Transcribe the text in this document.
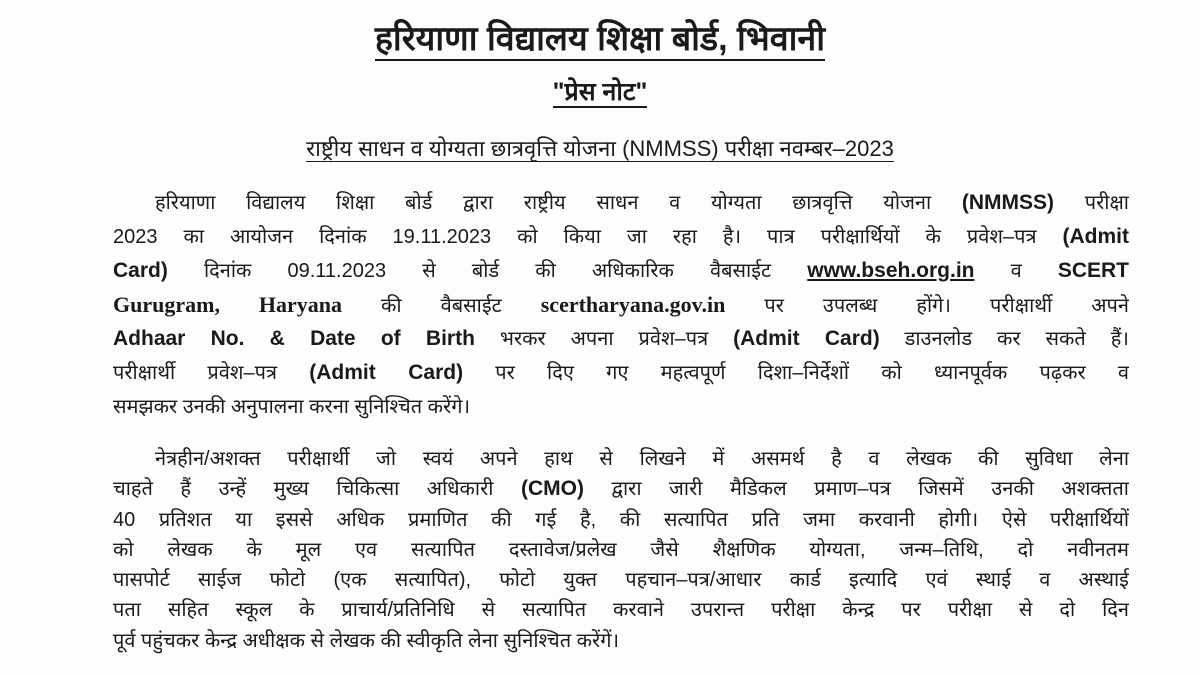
हरियाणा विद्यालय शिक्षा बोर्ड, भिवानी
"प्रेस नोट"
राष्ट्रीय साधन व योग्यता छात्रवृत्ति योजना (NMMSS) परीक्षा नवम्बर–2023
हरियाणा विद्यालय शिक्षा बोर्ड द्वारा राष्ट्रीय साधन व योग्यता छात्रवृत्ति योजना (NMMSS) परीक्षा
2023 का आयोजन दिनांक 19.11.2023 को किया जा रहा है। पात्र परीक्षार्थियों के प्रवेश–पत्र (Admit
Card) दिनांक 09.11.2023 से बोर्ड की अधिकारिक वैबसाईट www.bseh.org.in व SCERT
Gurugram, Haryana की वैबसाईट scertharyana.gov.in पर उपलब्ध होंगे। परीक्षार्थी अपने
Adhaar No. & Date of Birth भरकर अपना प्रवेश–पत्र (Admit Card) डाउनलोड कर सकते हैं।
परीक्षार्थी प्रवेश–पत्र (Admit Card) पर दिए गए महत्वपूर्ण दिशा–निर्देशों को ध्यानपूर्वक पढ़कर व
समझकर उनकी अनुपालना करना सुनिश्चित करेंगे।
नेत्रहीन/अशक्त परीक्षार्थी जो स्वयं अपने हाथ से लिखने में असमर्थ है व लेखक की सुविधा लेना
चाहते हैं उन्हें मुख्य चिकित्सा अधिकारी (CMO) द्वारा जारी मैडिकल प्रमाण–पत्र जिसमें उनकी अशक्तता
40 प्रतिशत या इससे अधिक प्रमाणित की गई है, की सत्यापित प्रति जमा करवानी होगी। ऐसे परीक्षार्थियों
को लेखक के मूल एव सत्यापित दस्तावेज/प्रलेख जैसे शैक्षणिक योग्यता, जन्म–तिथि, दो नवीनतम
पासपोर्ट साईज फोटो (एक सत्यापित), फोटो युक्त पहचान–पत्र/आधार कार्ड इत्यादि एवं स्थाई व अस्थाई
पता सहित स्कूल के प्राचार्य/प्रतिनिधि से सत्यापित करवाने उपरान्त परीक्षा केन्द्र पर परीक्षा से दो दिन
पूर्व पहुंचकर केन्द्र अधीक्षक से लेखक की स्वीकृति लेना सुनिश्चित करेंगें।
